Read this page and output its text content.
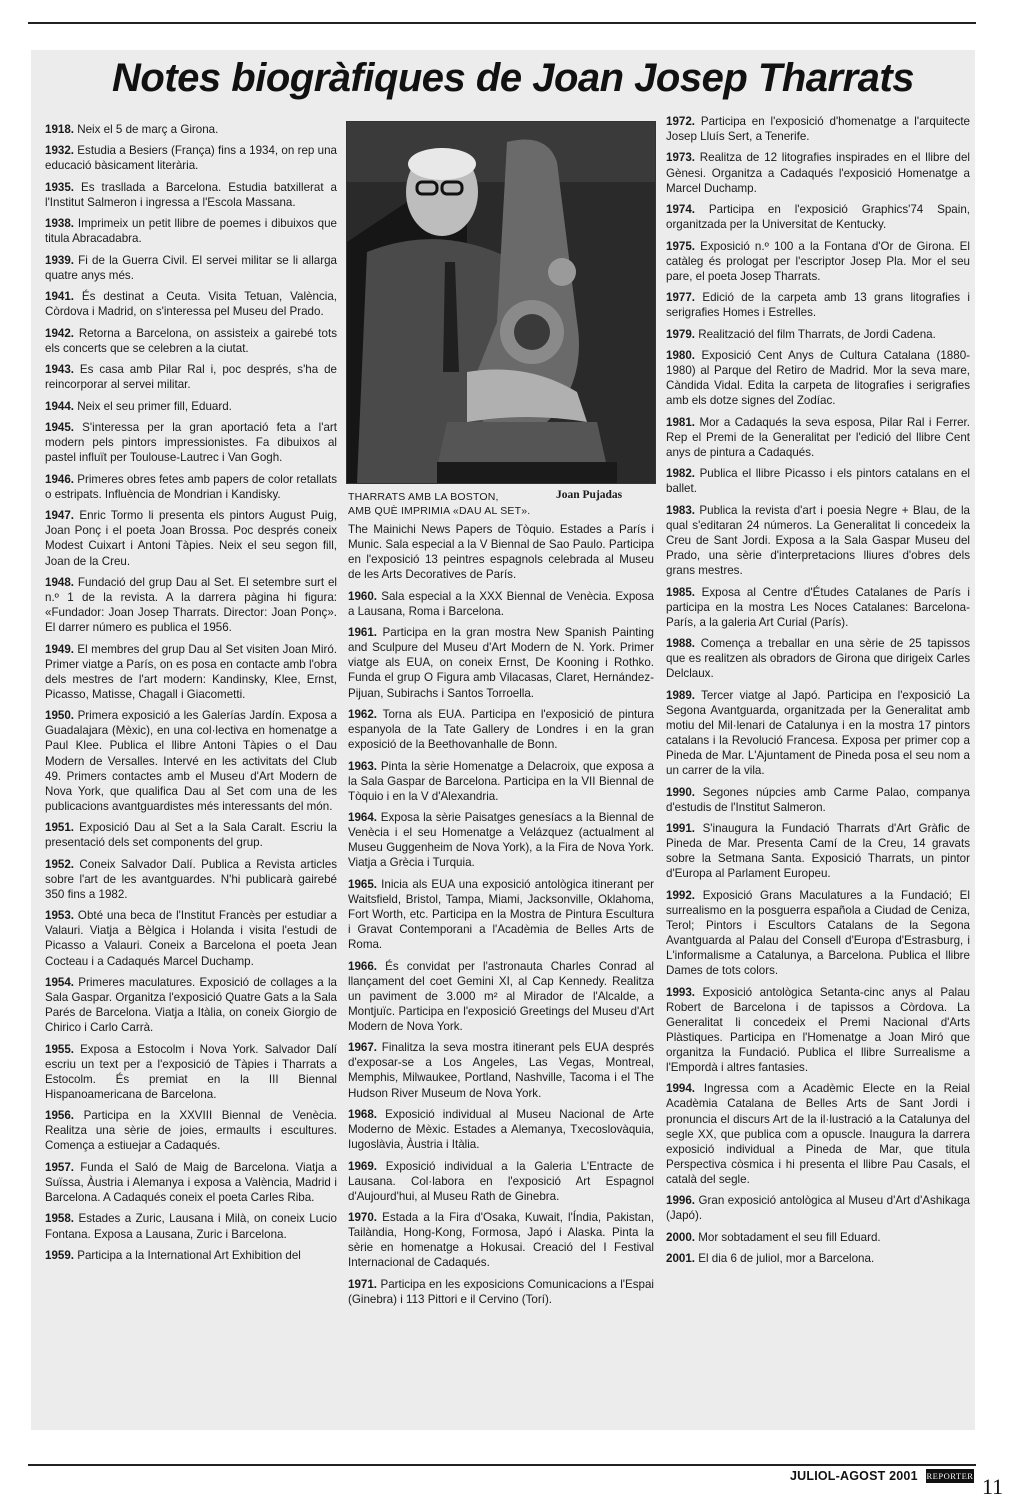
Notes biogràfiques de Joan Josep Tharrats

1918. Neix el 5 de març a Girona.

1932. Estudia a Besiers (França) fins a 1934, on rep una educació bàsicament literària.

1935. Es trasllada a Barcelona. Estudia batxillerat a l'Institut Salmeron i ingressa a l'Escola Massana.

1938. Imprimeix un petit llibre de poemes i dibuixos que titula Abracadabra.

1939. Fi de la Guerra Civil. El servei militar se li allarga quatre anys més.

1941. És destinat a Ceuta. Visita Tetuan, València, Còrdova i Madrid, on s'interessa pel Museu del Prado.

1942. Retorna a Barcelona, on assisteix a gairebé tots els concerts que se celebren a la ciutat.

1943. Es casa amb Pilar Ral i, poc després, s'ha de reincorporar al servei militar.

1944. Neix el seu primer fill, Eduard.

1945. S'interessa per la gran aportació feta a l'art modern pels pintors impressionistes. Fa dibuixos al pastel influït per Toulouse-Lautrec i Van Gogh.

1946. Primeres obres fetes amb papers de color retallats o estripats. Influència de Mondrian i Kandisky.

1947. Enric Tormo li presenta els pintors August Puig, Joan Ponç i el poeta Joan Brossa. Poc després coneix Modest Cuixart i Antoni Tàpies. Neix el seu segon fill, Joan de la Creu.

1948. Fundació del grup Dau al Set. El setembre surt el n.º 1 de la revista. A la darrera pàgina hi figura: «Fundador: Joan Josep Tharrats. Director: Joan Ponç». El darrer número es publica el 1956.

1949. El membres del grup Dau al Set visiten Joan Miró. Primer viatge a París, on es posa en contacte amb l'obra dels mestres de l'art modern: Kandinsky, Klee, Ernst, Picasso, Matisse, Chagall i Giacometti.

1950. Primera exposició a les Galerías Jardín. Exposa a Guadalajara (Mèxic), en una col·lectiva en homenatge a Paul Klee. Publica el llibre Antoni Tàpies o el Dau Modern de Versalles. Intervé en les activitats del Club 49. Primers contactes amb el Museu d'Art Modern de Nova York, que qualifica Dau al Set com una de les publicacions avantguardistes més interessants del món.

1951. Exposició Dau al Set a la Sala Caralt. Escriu la presentació dels set components del grup.

1952. Coneix Salvador Dalí. Publica a Revista articles sobre l'art de les avantguardes. N'hi publicarà gairebé 350 fins a 1982.

1953. Obté una beca de l'Institut Francès per estudiar a Valauri. Viatja a Bèlgica i Holanda i visita l'estudi de Picasso a Valauri. Coneix a Barcelona el poeta Jean Cocteau i a Cadaqués Marcel Duchamp.

1954. Primeres maculatures. Exposició de collages a la Sala Gaspar. Organitza l'exposició Quatre Gats a la Sala Parés de Barcelona. Viatja a Itàlia, on coneix Giorgio de Chirico i Carlo Carrà.

1955. Exposa a Estocolm i Nova York. Salvador Dalí escriu un text per a l'exposició de Tàpies i Tharrats a Estocolm. És premiat en la III Biennal Hispanoamericana de Barcelona.

1956. Participa en la XXVIII Biennal de Venècia. Realitza una sèrie de joies, ermaults i escultures. Comença a estiuejar a Cadaqués.

1957. Funda el Saló de Maig de Barcelona. Viatja a Suïssa, Àustria i Alemanya i exposa a València, Madrid i Barcelona. A Cadaqués coneix el poeta Carles Riba.

1958. Estades a Zuric, Lausana i Milà, on coneix Lucio Fontana. Exposa a Lausana, Zuric i Barcelona.

1959. Participa a la International Art Exhibition del

THARRATS AMB LA BOSTON,
AMB QUÈ IMPRIMIA «DAU AL SET».
Joan Pujadas

The Mainichi News Papers de Tòquio. Estades a París i Munic. Sala especial a la V Biennal de Sao Paulo. Participa en l'exposició 13 peintres espagnols celebrada al Museu de les Arts Decoratives de París.

1960. Sala especial a la XXX Biennal de Venècia. Exposa a Lausana, Roma i Barcelona.

1961. Participa en la gran mostra New Spanish Painting and Sculpure del Museu d'Art Modern de N. York. Primer viatge als EUA, on coneix Ernst, De Kooning i Rothko. Funda el grup O Figura amb Vilacasas, Claret, Hernández-Pijuan, Subirachs i Santos Torroella.

1962. Torna als EUA. Participa en l'exposició de pintura espanyola de la Tate Gallery de Londres i en la gran exposició de la Beethovanhalle de Bonn.

1963. Pinta la sèrie Homenatge a Delacroix, que exposa a la Sala Gaspar de Barcelona. Participa en la VII Biennal de Tòquio i en la V d'Alexandria.

1964. Exposa la sèrie Paisatges genesíacs a la Biennal de Venècia i el seu Homenatge a Velázquez (actualment al Museu Guggenheim de Nova York), a la Fira de Nova York. Viatja a Grècia i Turquia.

1965. Inicia als EUA una exposició antològica itinerant per Waitsfield, Bristol, Tampa, Miami, Jacksonville, Oklahoma, Fort Worth, etc. Participa en la Mostra de Pintura Escultura i Gravat Contemporani a l'Acadèmia de Belles Arts de Roma.

1966. És convidat per l'astronauta Charles Conrad al llançament del coet Gemini XI, al Cap Kennedy. Realitza un paviment de 3.000 m² al Mirador de l'Alcalde, a Montjuïc. Participa en l'exposició Greetings del Museu d'Art Modern de Nova York.

1967. Finalitza la seva mostra itinerant pels EUA després d'exposar-se a Los Angeles, Las Vegas, Montreal, Memphis, Milwaukee, Portland, Nashville, Tacoma i el The Hudson River Museum de Nova York.

1968. Exposició individual al Museu Nacional de Arte Moderno de Mèxic. Estades a Alemanya, Txecoslovàquia, Iugoslàvia, Àustria i Itàlia.

1969. Exposició individual a la Galeria L'Entracte de Lausana. Col·labora en l'exposició Art Espagnol d'Aujourd'hui, al Museu Rath de Ginebra.

1970. Estada a la Fira d'Osaka, Kuwait, l'Índia, Pakistan, Tailàndia, Hong-Kong, Formosa, Japó i Alaska. Pinta la sèrie en homenatge a Hokusai. Creació del I Festival Internacional de Cadaqués.

1971. Participa en les exposicions Comunicacions a l'Espai (Ginebra) i 113 Pittori e il Cervino (Torí).

1972. Participa en l'exposició d'homenatge a l'arquitecte Josep Lluís Sert, a Tenerife.

1973. Realitza de 12 litografies inspirades en el llibre del Gènesi. Organitza a Cadaqués l'exposició Homenatge a Marcel Duchamp.

1974. Participa en l'exposició Graphics'74 Spain, organitzada per la Universitat de Kentucky.

1975. Exposició n.º 100 a la Fontana d'Or de Girona. El catàleg és prologat per l'escriptor Josep Pla. Mor el seu pare, el poeta Josep Tharrats.

1977. Edició de la carpeta amb 13 grans litografies i serigrafies Homes i Estrelles.

1979. Realització del film Tharrats, de Jordi Cadena.

1980. Exposició Cent Anys de Cultura Catalana (1880-1980) al Parque del Retiro de Madrid. Mor la seva mare, Càndida Vidal. Edita la carpeta de litografies i serigrafies amb els dotze signes del Zodíac.

1981. Mor a Cadaqués la seva esposa, Pilar Ral i Ferrer. Rep el Premi de la Generalitat per l'edició del llibre Cent anys de pintura a Cadaqués.

1982. Publica el llibre Picasso i els pintors catalans en el ballet.

1983. Publica la revista d'art i poesia Negre + Blau, de la qual s'editaran 24 números. La Generalitat li concedeix la Creu de Sant Jordi. Exposa a la Sala Gaspar Museu del Prado, una sèrie d'interpretacions lliures d'obres dels grans mestres.

1985. Exposa al Centre d'Études Catalanes de París i participa en la mostra Les Noces Catalanes: Barcelona-París, a la galeria Art Curial (París).

1988. Comença a treballar en una sèrie de 25 tapissos que es realitzen als obradors de Girona que dirigeix Carles Delclaux.

1989. Tercer viatge al Japó. Participa en l'exposició La Segona Avantguarda, organitzada per la Generalitat amb motiu del Mil·lenari de Catalunya i en la mostra 17 pintors catalans i la Revolució Francesa. Exposa per primer cop a Pineda de Mar. L'Ajuntament de Pineda posa el seu nom a un carrer de la vila.

1990. Segones núpcies amb Carme Palao, companya d'estudis de l'Institut Salmeron.

1991. S'inaugura la Fundació Tharrats d'Art Gràfic de Pineda de Mar. Presenta Camí de la Creu, 14 gravats sobre la Setmana Santa. Exposició Tharrats, un pintor d'Europa al Parlament Europeu.

1992. Exposició Grans Maculatures a la Fundació; El surrealismo en la posguerra española a Ciudad de Ceniza, Terol; Pintors i Escultors Catalans de la Segona Avantguarda al Palau del Consell d'Europa d'Estrasburg, i L'informalisme a Catalunya, a Barcelona. Publica el llibre Dames de tots colors.

1993. Exposició antològica Setanta-cinc anys al Palau Robert de Barcelona i de tapissos a Còrdova. La Generalitat li concedeix el Premi Nacional d'Arts Plàstiques. Participa en l'Homenatge a Joan Miró que organitza la Fundació. Publica el llibre Surrealisme a l'Empordà i altres fantasies.

1994. Ingressa com a Acadèmic Electe en la Reial Acadèmia Catalana de Belles Arts de Sant Jordi i pronuncia el discurs Art de la il·lustració a la Catalunya del segle XX, que publica com a opuscle. Inaugura la darrera exposició individual a Pineda de Mar, que titula Perspectiva còsmica i hi presenta el llibre Pau Casals, el català del segle.

1996. Gran exposició antològica al Museu d'Art d'Ashikaga (Japó).

2000. Mor sobtadament el seu fill Eduard.

2001. El dia 6 de juliol, mor a Barcelona.

JULIOL-AGOST 2001 REPORTER 11
